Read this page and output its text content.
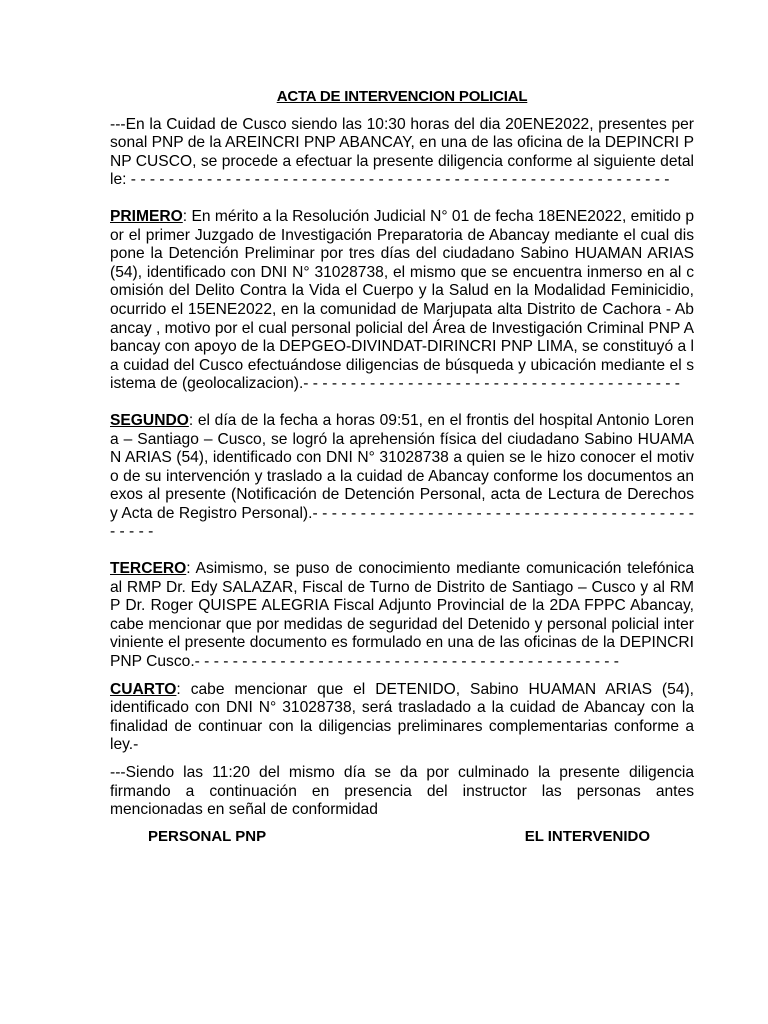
ACTA DE INTERVENCION POLICIAL

---En la Cuidad de Cusco siendo las 10:30 horas del dia 20ENE2022, presentes personal PNP de la AREINCRI PNP ABANCAY, en una de las oficina de la DEPINCRI PNP CUSCO, se procede a efectuar la presente diligencia conforme al siguiente detalle: - - - - - - - - - - - - - - - - - - - - - - - - - - - - - - - - - - - - - - - - - - - - - - - - - - - - - - - - -

PRIMERO: En mérito a la Resolución Judicial N° 01 de fecha 18ENE2022, emitido por el primer Juzgado de Investigación Preparatoria de Abancay mediante el cual dispone la Detención Preliminar por tres días del ciudadano Sabino HUAMAN ARIAS (54), identificado con DNI N° 31028738, el mismo que se encuentra inmerso en al comisión del Delito Contra la Vida el Cuerpo y la Salud en la Modalidad Feminicidio, ocurrido el 15ENE2022, en la comunidad de Marjupata alta Distrito de Cachora - Abancay , motivo por el cual personal policial del Área de Investigación Criminal PNP Abancay con apoyo de la DEPGEO-DIVINDAT-DIRINCRI PNP LIMA, se constituyó a la cuidad del Cusco efectuándose diligencias de búsqueda y ubicación mediante el sistema de (geolocalizacion).- - - - - - - - - - - - - - - - - - - - - - - - - - - - - - - - - - - - - - - -

SEGUNDO: el día de la fecha a horas 09:51, en el frontis del hospital Antonio Lorena – Santiago – Cusco, se logró la aprehensión física del ciudadano Sabino HUAMAN ARIAS (54), identificado con DNI N° 31028738 a quien se le hizo conocer el motivo de su intervención y traslado a la cuidad de Abancay conforme los documentos anexos al presente (Notificación de Detención Personal, acta de Lectura de Derechos y Acta de Registro Personal).- - - - - - - - - - - - - - - - - - - - - - - - - - - - - - - - - - - - - - - - - - - - -

TERCERO: Asimismo, se puso de conocimiento mediante comunicación telefónica al RMP Dr. Edy SALAZAR, Fiscal de Turno de Distrito de Santiago – Cusco y al RMP Dr. Roger QUISPE ALEGRIA Fiscal Adjunto Provincial de la 2DA FPPC Abancay, cabe mencionar que por medidas de seguridad del Detenido y personal policial interviniente el presente documento es formulado en una de las oficinas de la DEPINCRI PNP Cusco.- - - - - - - - - - - - - - - - - - - - - - - - - - - - - - - - - - - - - - - - - - - - -

CUARTO: cabe mencionar que el DETENIDO, Sabino HUAMAN ARIAS (54), identificado con DNI N° 31028738, será trasladado a la cuidad de Abancay con la finalidad de continuar con la diligencias preliminares complementarias conforme a ley.-

---Siendo las 11:20 del mismo día se da por culminado la presente diligencia firmando a continuación en presencia del instructor las personas antes mencionadas en señal de conformidad

PERSONAL PNP	EL INTERVENIDO
